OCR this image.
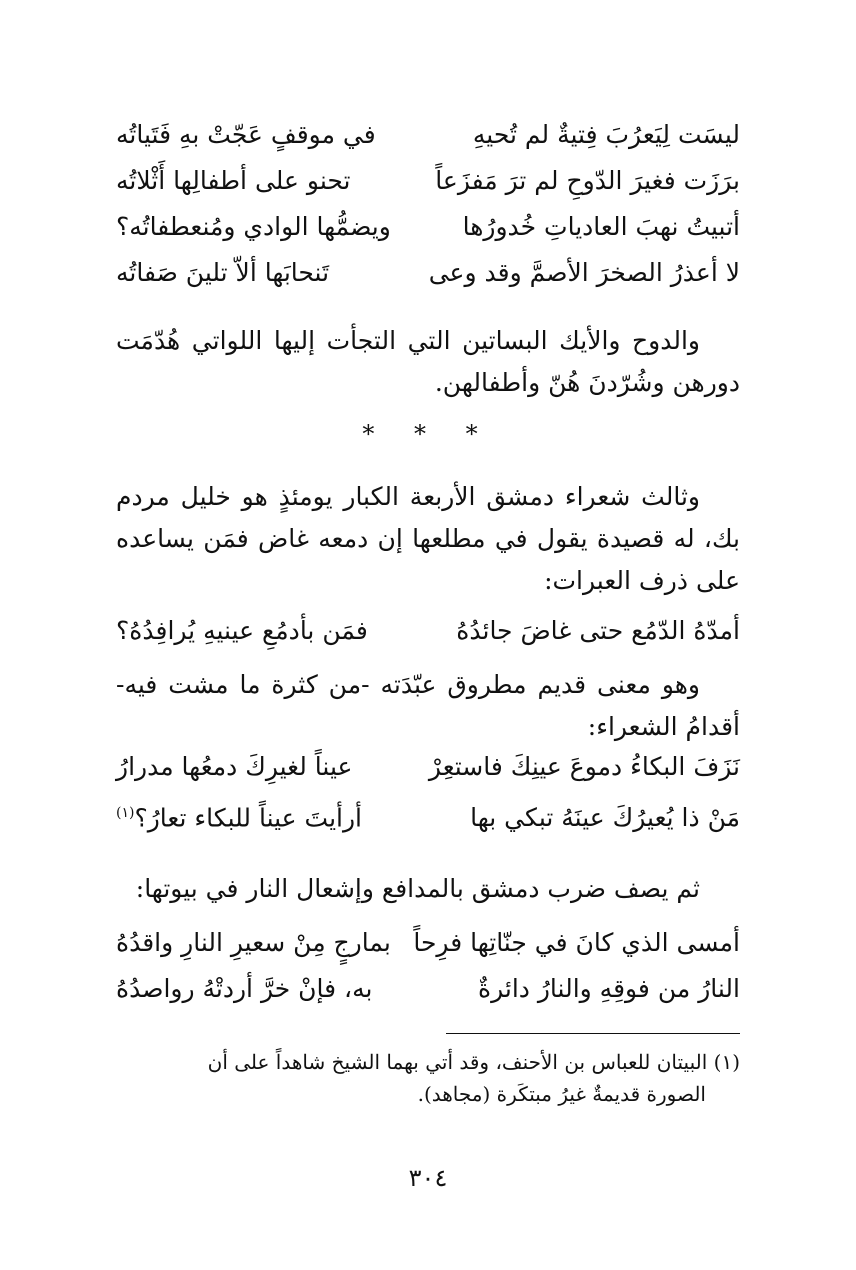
ليسَت لِيَعرُبَ فِتيةٌ لم تُحيهِ
في موقفٍ عَجّتْ بهِ فَتَياتُه
برَزَت فغيرَ الدّوحِ لم ترَ مَفزَعاً
تحنو على أطفالِها أَثْلاتُه
أتبيتُ نهبَ العادياتِ خُدورُها
ويضمُّها الوادي ومُنعطفاتُه؟
لا أعذرُ الصخرَ الأصمَّ وقد وعى
تَنحابَها ألاّ تلينَ صَفاتُه
والدوح والأيك البساتين التي التجأت إليها اللواتي هُدّمَت دورهن وشُرّدنَ هُنّ وأطفالهن.
* * *
وثالث شعراء دمشق الأربعة الكبار يومئذٍ هو خليل مردم بك، له قصيدة يقول في مطلعها إن دمعه غاض فمَن يساعده على ذرف العبرات:
أمدّهُ الدّمُع حتى غاضَ جائدُهُ
فمَن بأدمُعِ عينيهِ يُرافِدُهُ؟
وهو معنى قديم مطروق عبّدَته -من كثرة ما مشت فيه- أقدامُ الشعراء:
نَزَفَ البكاءُ دموعَ عينِكَ فاستعِرْ
عيناً لغيرِكَ دمعُها مدرارُ
مَنْ ذا يُعيرُكَ عينَهُ تبكي بها
أرأيتَ عيناً للبكاء تعارُ؟$^{(١)}$
ثم يصف ضرب دمشق بالمدافع وإشعال النار في بيوتها:
أمسى الذي كانَ في جنّاتِها فرِحاً
بمارجٍ مِنْ سعيرِ النارِ واقدُهُ
النارُ من فوقِهِ والنارُ دائرةٌ
به، فإنْ خرَّ أردتْهُ رواصدُهُ
(١) البيتان للعباس بن الأحنف، وقد أتي بهما الشيخ شاهداً على أن
الصورة قديمةٌ غيرُ مبتكَرة (مجاهد).
٣٠٤
